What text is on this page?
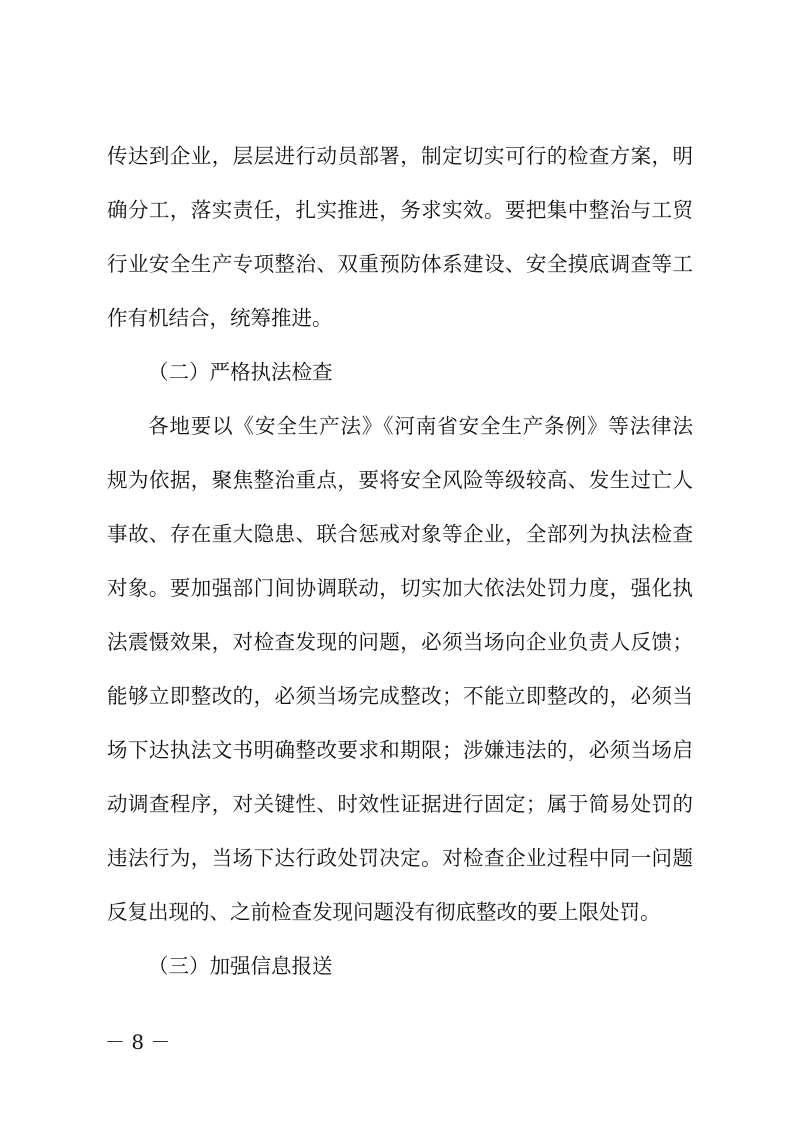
传达到企业，层层进行动员部署，制定切实可行的检查方案，明
确分工，落实责任，扎实推进，务求实效。要把集中整治与工贸
行业安全生产专项整治、双重预防体系建设、安全摸底调查等工
作有机结合，统筹推进。
（二）严格执法检查
各地要以《安全生产法》《河南省安全生产条例》等法律法
规为依据，聚焦整治重点，要将安全风险等级较高、发生过亡人
事故、存在重大隐患、联合惩戒对象等企业，全部列为执法检查
对象。要加强部门间协调联动，切实加大依法处罚力度，强化执
法震慑效果，对检查发现的问题，必须当场向企业负责人反馈；
能够立即整改的，必须当场完成整改；不能立即整改的，必须当
场下达执法文书明确整改要求和期限；涉嫌违法的，必须当场启
动调查程序，对关键性、时效性证据进行固定；属于简易处罚的
违法行为，当场下达行政处罚决定。对检查企业过程中同一问题
反复出现的、之前检查发现问题没有彻底整改的要上限处罚。
（三）加强信息报送
－ 8 －
